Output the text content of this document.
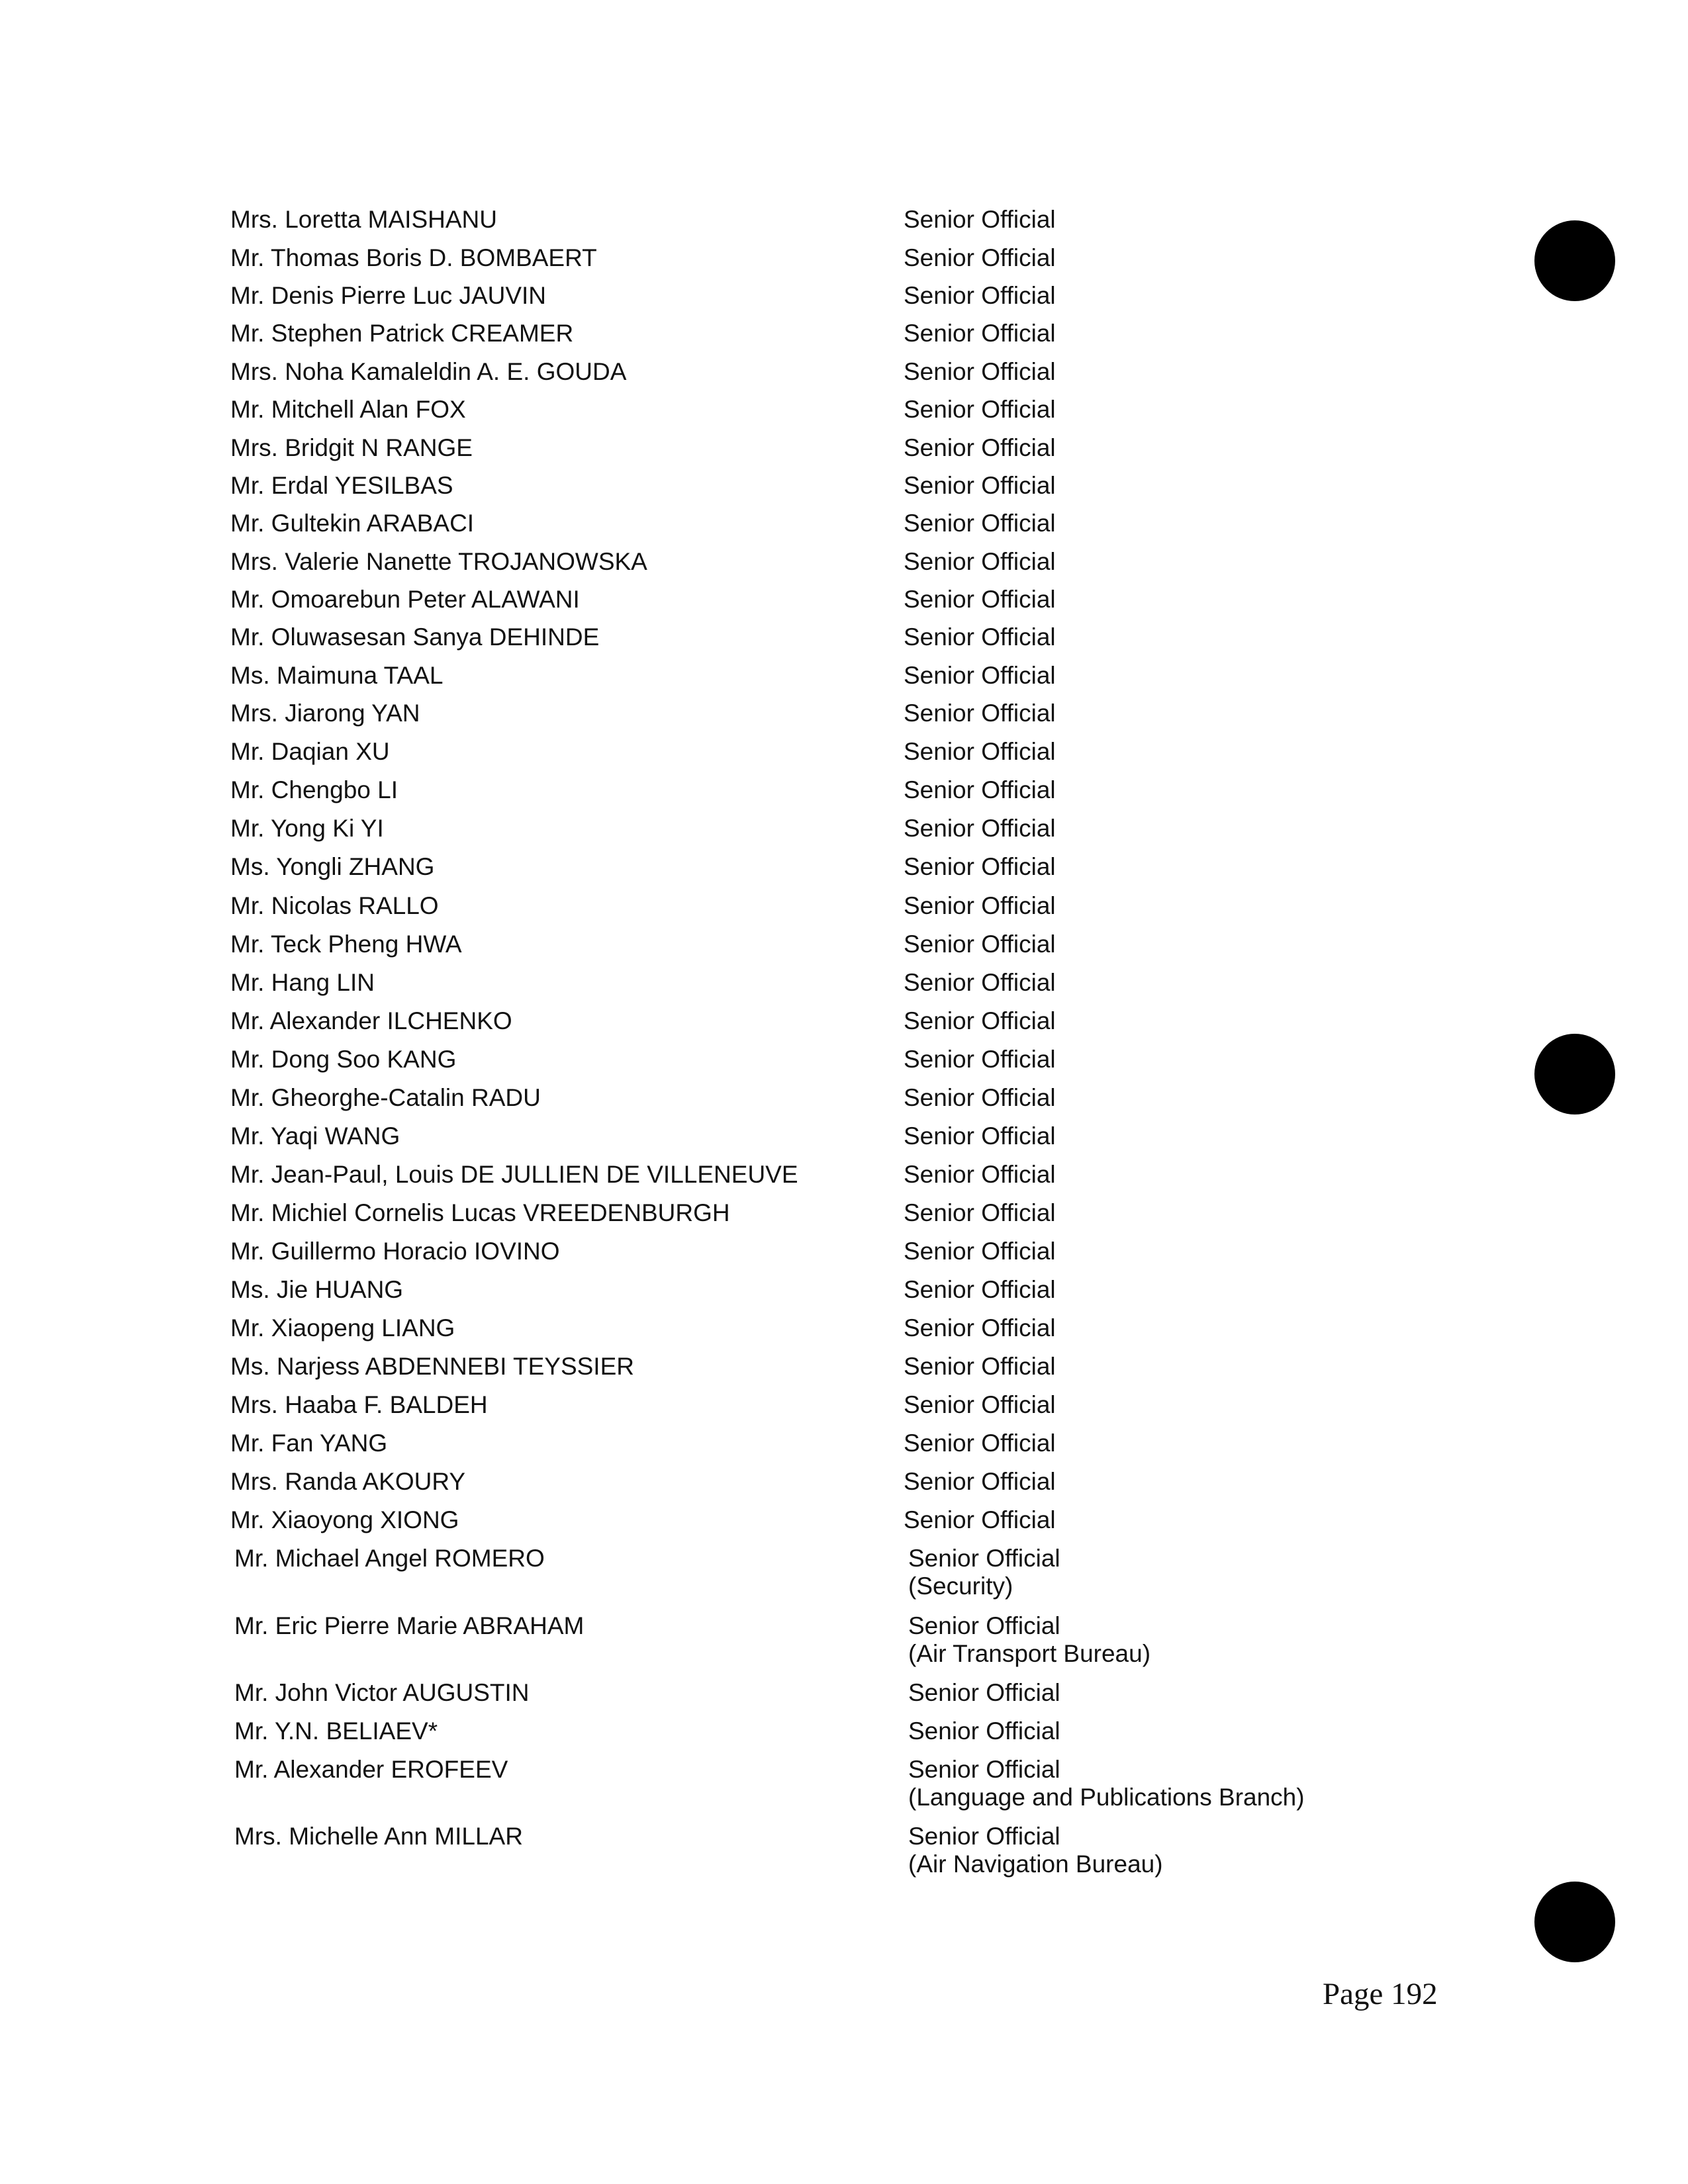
Mrs. Loretta MAISHANU	Senior Official
Mr. Thomas Boris D. BOMBAERT	Senior Official
Mr. Denis Pierre Luc JAUVIN	Senior Official
Mr. Stephen Patrick CREAMER	Senior Official
Mrs. Noha Kamaleldin A. E. GOUDA	Senior Official
Mr. Mitchell Alan FOX	Senior Official
Mrs. Bridgit N RANGE	Senior Official
Mr. Erdal YESILBAS	Senior Official
Mr. Gultekin ARABACI	Senior Official
Mrs. Valerie Nanette TROJANOWSKA	Senior Official
Mr. Omoarebun Peter ALAWANI	Senior Official
Mr. Oluwasesan Sanya DEHINDE	Senior Official
Ms. Maimuna TAAL	Senior Official
Mrs. Jiarong YAN	Senior Official
Mr. Daqian XU	Senior Official
Mr. Chengbo LI	Senior Official
Mr. Yong Ki YI	Senior Official
Ms. Yongli ZHANG	Senior Official
Mr. Nicolas RALLO	Senior Official
Mr. Teck Pheng HWA	Senior Official
Mr. Hang LIN	Senior Official
Mr. Alexander ILCHENKO	Senior Official
Mr. Dong Soo KANG	Senior Official
Mr. Gheorghe-Catalin RADU	Senior Official
Mr. Yaqi WANG	Senior Official
Mr. Jean-Paul, Louis DE JULLIEN DE VILLENEUVE	Senior Official
Mr. Michiel Cornelis Lucas VREEDENBURGH	Senior Official
Mr. Guillermo Horacio IOVINO	Senior Official
Ms. Jie HUANG	Senior Official
Mr. Xiaopeng LIANG	Senior Official
Ms. Narjess ABDENNEBI TEYSSIER	Senior Official
Mrs. Haaba F. BALDEH	Senior Official
Mr. Fan YANG	Senior Official
Mrs. Randa AKOURY	Senior Official
Mr. Xiaoyong XIONG	Senior Official
Mr. Michael Angel ROMERO	Senior Official
(Security)
Mr. Eric Pierre Marie ABRAHAM	Senior Official
(Air Transport Bureau)
Mr. John Victor AUGUSTIN	Senior Official
Mr. Y.N. BELIAEV*	Senior Official
Mr. Alexander EROFEEV	Senior Official
(Language and Publications Branch)
Mrs. Michelle Ann MILLAR	Senior Official
(Air Navigation Bureau)
Page 192
